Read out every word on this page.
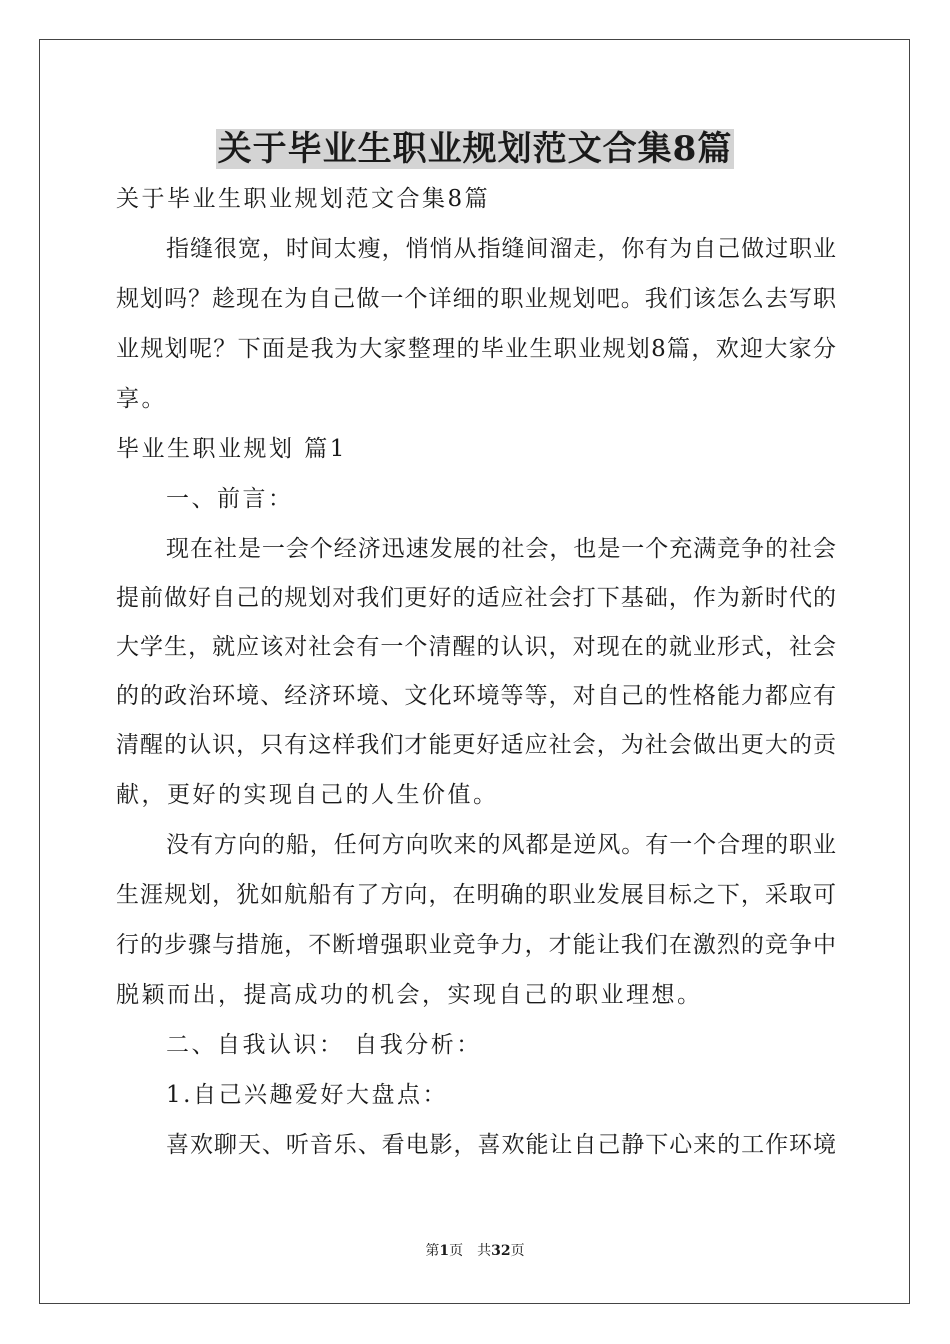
关于毕业生职业规划范文合集8篇
关于毕业生职业规划范文合集8篇
指缝很宽，时间太瘦，悄悄从指缝间溜走，你有为自己做过职业
规划吗？趁现在为自己做一个详细的职业规划吧。我们该怎么去写职
业规划呢？下面是我为大家整理的毕业生职业规划8篇，欢迎大家分
享。
毕业生职业规划 篇1
一、前言：
现在社是一会个经济迅速发展的社会，也是一个充满竞争的社会
提前做好自己的规划对我们更好的适应社会打下基础，作为新时代的
大学生，就应该对社会有一个清醒的认识，对现在的就业形式，社会
的的政治环境、经济环境、文化环境等等，对自己的性格能力都应有
清醒的认识，只有这样我们才能更好适应社会，为社会做出更大的贡
献，更好的实现自己的人生价值。
没有方向的船，任何方向吹来的风都是逆风。有一个合理的职业
生涯规划，犹如航船有了方向，在明确的职业发展目标之下，采取可
行的步骤与措施，不断增强职业竞争力，才能让我们在激烈的竞争中
脱颖而出，提高成功的机会，实现自己的职业理想。
二、自我认识： 自我分析：
1.自己兴趣爱好大盘点：
喜欢聊天、听音乐、看电影，喜欢能让自己静下心来的工作环境
第1页　共32页
